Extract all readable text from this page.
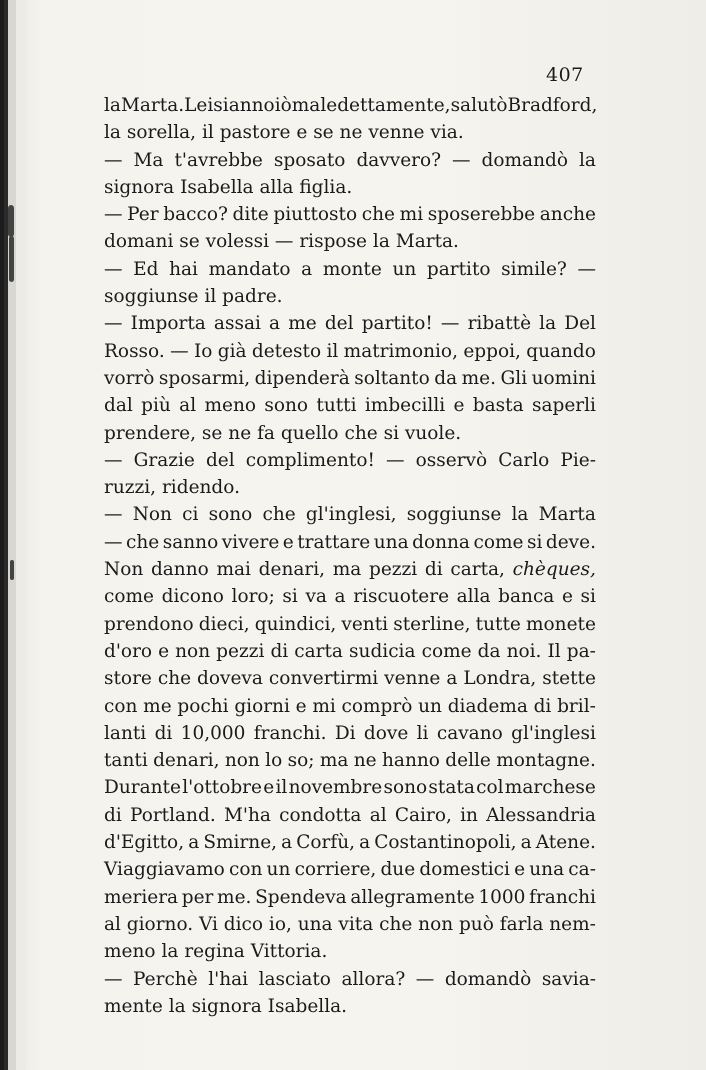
407
la Marta. Lei si annoiò maledettamente, salutò Bradford,
la sorella, il pastore e se ne venne via.
— Ma t'avrebbe sposato davvero? — domandò la
signora Isabella alla figlia.
— Per bacco? dite piuttosto che mi sposerebbe anche
domani se volessi — rispose la Marta.
— Ed hai mandato a monte un partito simile? —
soggiunse il padre.
— Importa assai a me del partito! — ribattè la Del
Rosso. — Io già detesto il matrimonio, eppoi, quando
vorrò sposarmi, dipenderà soltanto da me. Gli uomini
dal più al meno sono tutti imbecilli e basta saperli
prendere, se ne fa quello che si vuole.
— Grazie del complimento! — osservò Carlo Pie-
ruzzi, ridendo.
— Non ci sono che gl'inglesi, soggiunse la Marta
— che sanno vivere e trattare una donna come si deve.
Non danno mai denari, ma pezzi di carta, chèques,
come dicono loro; si va a riscuotere alla banca e si
prendono dieci, quindici, venti sterline, tutte monete
d'oro e non pezzi di carta sudicia come da noi. Il pa-
store che doveva convertirmi venne a Londra, stette
con me pochi giorni e mi comprò un diadema di bril-
lanti di 10,000 franchi. Di dove li cavano gl'inglesi
tanti denari, non lo so; ma ne hanno delle montagne.
Durante l'ottobre e il novembre sono stata col marchese
di Portland. M'ha condotta al Cairo, in Alessandria
d'Egitto, a Smirne, a Corfù, a Costantinopoli, a Atene.
Viaggiavamo con un corriere, due domestici e una ca-
meriera per me. Spendeva allegramente 1000 franchi
al giorno. Vi dico io, una vita che non può farla nem-
meno la regina Vittoria.
— Perchè l'hai lasciato allora? — domandò savia-
mente la signora Isabella.
